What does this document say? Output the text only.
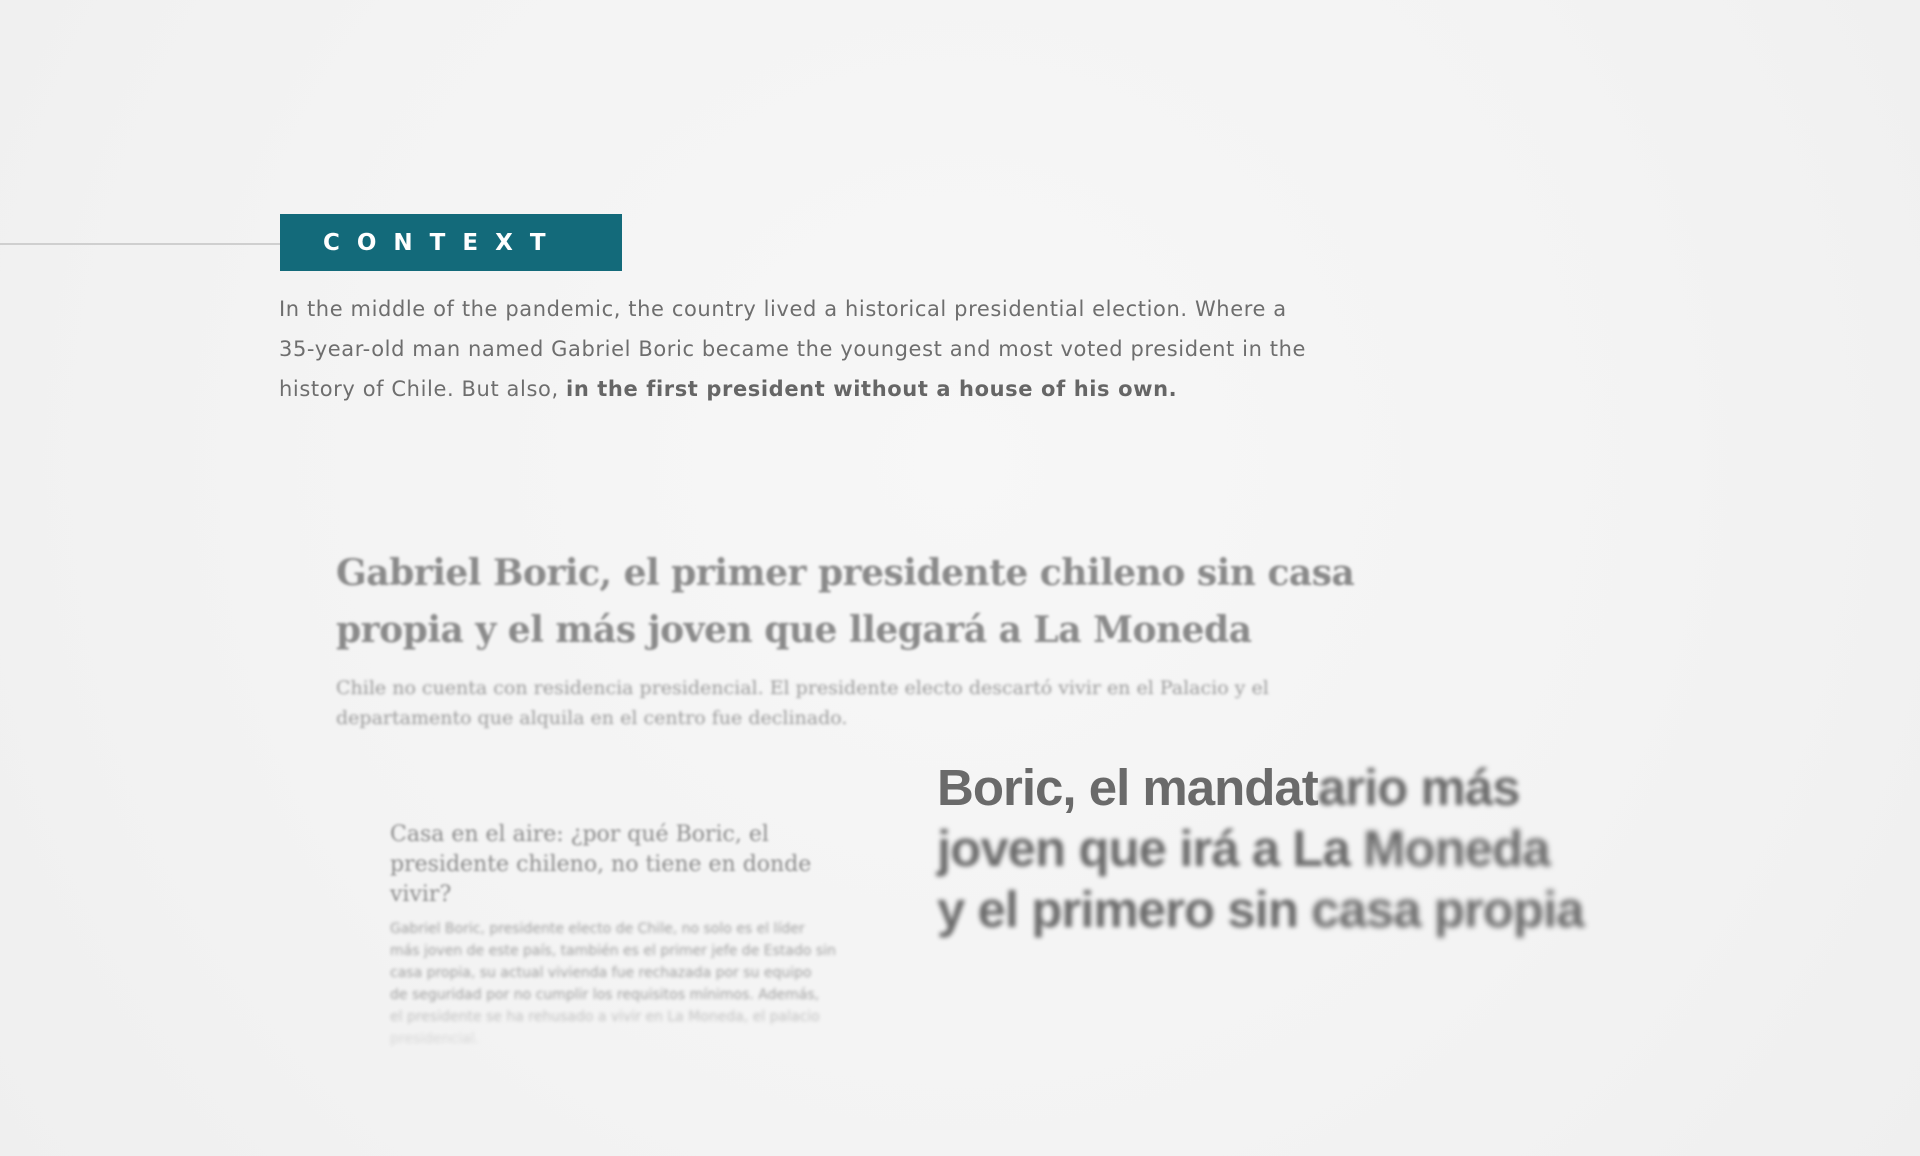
CONTEXT
In the middle of the pandemic, the country lived a historical presidential election. Where a
35-year-old man named Gabriel Boric became the youngest and most voted president in the
history of Chile. But also, in the first president without a house of his own.
Gabriel Boric, el primer presidente chileno sin casa
propia y el más joven que llegará a La Moneda
Chile no cuenta con residencia presidencial. El presidente electo descartó vivir en el Palacio y el
departamento que alquila en el centro fue declinado.
Casa en el aire: ¿por qué Boric, el
presidente chileno, no tiene en donde
vivir?
Gabriel Boric, presidente electo de Chile, no solo es el líder
más joven de este país, también es el primer jefe de Estado sin
casa propia, su actual vivienda fue rechazada por su equipo
de seguridad por no cumplir los requisitos mínimos. Además,
el presidente se ha rehusado a vivir en La Moneda, el palacio
presidencial.
Boric, el mandatario más
joven que irá a La Moneda
y el primero sin casa propia
